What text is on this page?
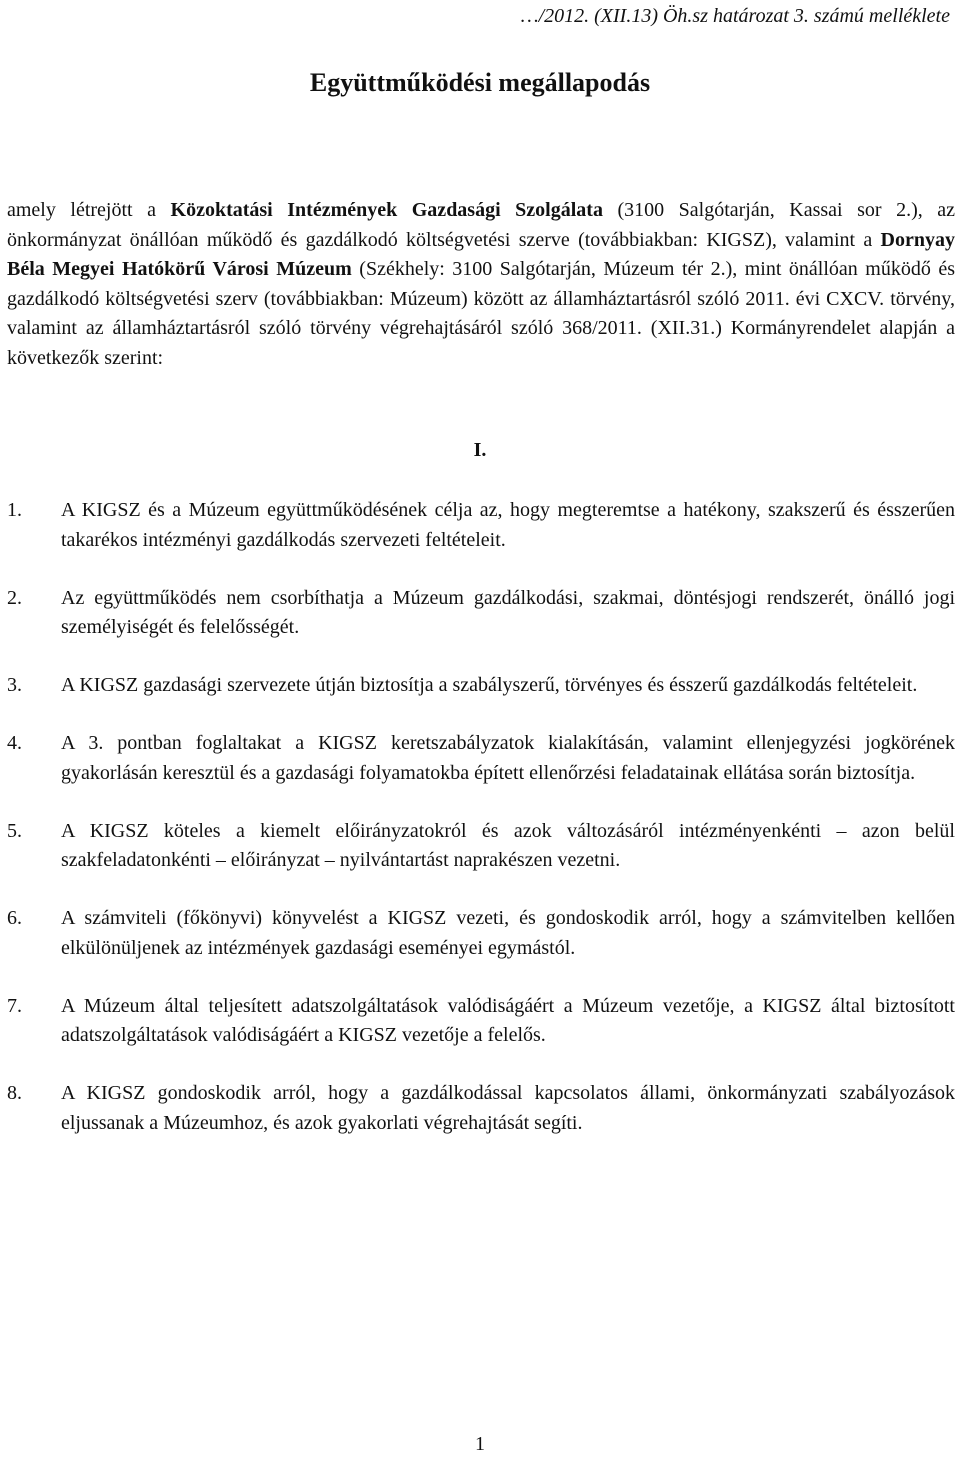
…/2012. (XII.13) Öh.sz határozat 3. számú melléklete
Együttműködési megállapodás

amely létrejött a Közoktatási Intézmények Gazdasági Szolgálata (3100 Salgótarján, Kassai sor 2.), az önkormányzat önállóan működő és gazdálkodó költségvetési szerve (továbbiakban: KIGSZ), valamint a Dornyay Béla Megyei Hatókörű Városi Múzeum (Székhely: 3100 Salgótarján, Múzeum tér 2.), mint önállóan működő és gazdálkodó költségvetési szerv (továbbiakban: Múzeum) között az államháztartásról szóló 2011. évi CXCV. törvény, valamint az államháztartásról szóló törvény végrehajtásáról szóló 368/2011. (XII.31.) Kormányrendelet alapján a következők szerint:

I.
1.	A KIGSZ és a Múzeum együttműködésének célja az, hogy megteremtse a hatékony, szakszerű és ésszerűen takarékos intézményi gazdálkodás szervezeti feltételeit.
2.	Az együttműködés nem csorbíthatja a Múzeum gazdálkodási, szakmai, döntésjogi rendszerét, önálló jogi személyiségét és felelősségét.
3.	A KIGSZ gazdasági szervezete útján biztosítja a szabályszerű, törvényes és ésszerű gazdálkodás feltételeit.
4.	A 3. pontban foglaltakat a KIGSZ keretszabályzatok kialakításán, valamint ellenjegyzési jogkörének gyakorlásán keresztül és a gazdasági folyamatokba épített ellenőrzési feladatainak ellátása során biztosítja.
5.	A KIGSZ köteles a kiemelt előirányzatokról és azok változásáról intézményenkénti – azon belül szakfeladatonkénti – előirányzat – nyilvántartást naprakészen vezetni.
6.	A számviteli (főkönyvi) könyvelést a KIGSZ vezeti, és gondoskodik arról, hogy a számvitelben kellően elkülönüljenek az intézmények gazdasági eseményei egymástól.
7.	A Múzeum által teljesített adatszolgáltatások valódiságáért a Múzeum vezetője, a KIGSZ által biztosított adatszolgáltatások valódiságáért a KIGSZ vezetője a felelős.
8.	A KIGSZ gondoskodik arról, hogy a gazdálkodással kapcsolatos állami, önkormányzati szabályozások eljussanak a Múzeumhoz, és azok gyakorlati végrehajtását segíti.
1
